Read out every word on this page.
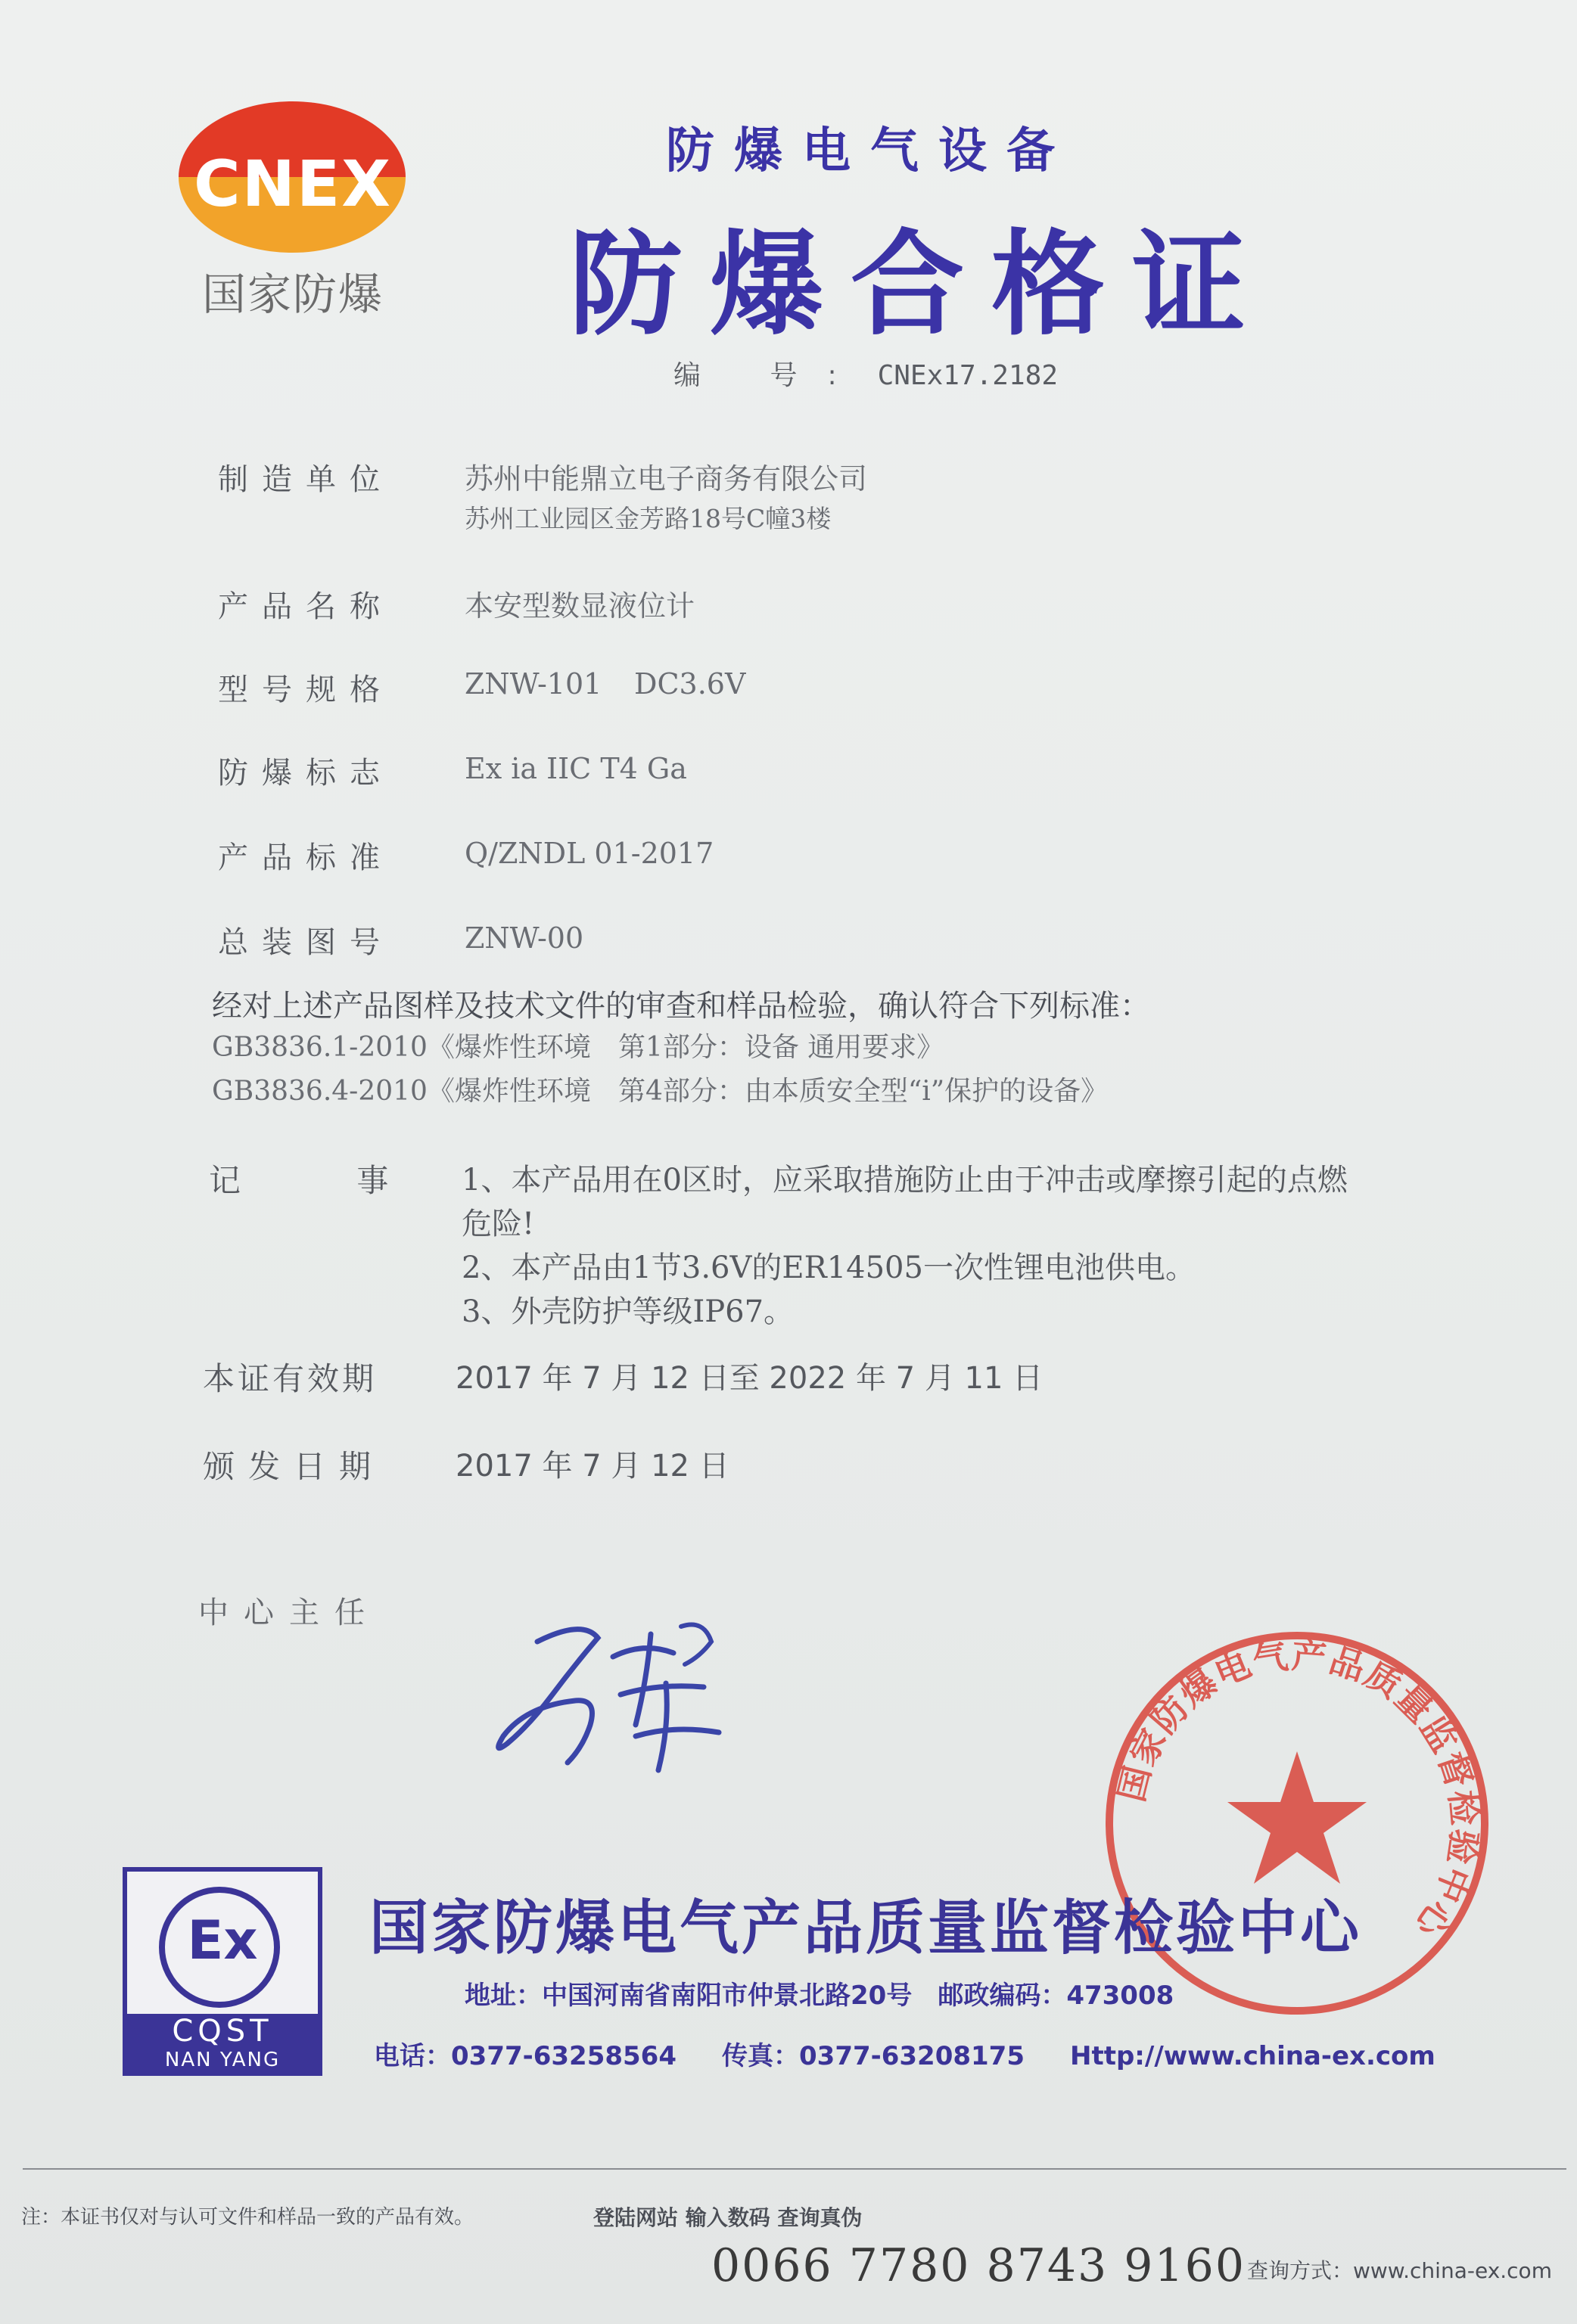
CNEX
国家防爆
防爆电气设备
防爆合格证
编 号: CNEx17.2182
制造单位 苏州中能鼎立电子商务有限公司
苏州工业园区金芳路18号C幢3楼
产品名称 本安型数显液位计
型号规格 ZNW-101 DC3.6V
防爆标志 Ex ia IIC T4 Ga
产品标准 Q/ZNDL 01-2017
总装图号 ZNW-00
经对上述产品图样及技术文件的审查和样品检验，确认符合下列标准：
GB3836.1-2010《爆炸性环境　第1部分：设备 通用要求》
GB3836.4-2010《爆炸性环境　第4部分：由本质安全型“i”保护的设备》
记 事 1、本产品用在0区时，应采取措施防止由于冲击或摩擦引起的点燃
危险!
2、本产品由1节3.6V的ER14505一次性锂电池供电。
3、外壳防护等级IP67。
本证有效期	2017 年 7 月 12 日至 2022 年 7 月 11 日
颁发日期 2017 年 7 月 12 日
中心主任
国家防爆电气产品质量监督检验中心
Ex
CQST
NAN YANG
国家防爆电气产品质量监督检验中心
地址：中国河南省南阳市仲景北路20号　邮政编码：473008
电话：0377-63258564 传真：0377-63208175 Http://www.china-ex.com
注：本证书仅对与认可文件和样品一致的产品有效。	登陆网站 输入数码 查询真伪
0066 7780 8743 9160 查询方式：www.china-ex.com
